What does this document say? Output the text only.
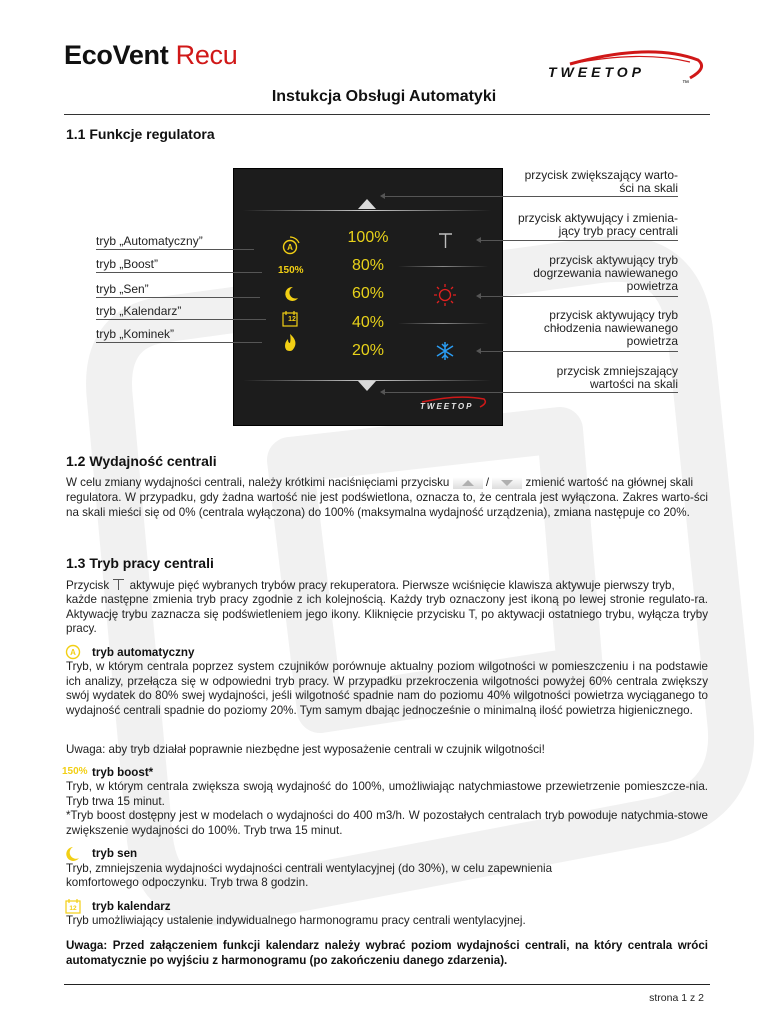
EcoVent Recu
TWEETOP
™
Instukcja Obsługi Automatyki
1.1 Funkcje regulatora
A
150%
12
100%
80%
60%
40%
20%
TWEETOP
tryb „Automatyczny”
tryb „Boost”
tryb „Sen”
tryb „Kalendarz”
tryb „Kominek”
przycisk zwiększający warto-
ści na skali
przycisk aktywujący i zmienia-
jący tryb pracy centrali
przycisk aktywujący tryb
dogrzewania nawiewanego
powietrza
przycisk aktywujący tryb
chłodzenia nawiewanego
powietrza
przycisk zmniejszający
wartości na skali
1.2 Wydajność centrali
W celu zmiany wydajności centrali, należy krótkimi naciśnięciami przycisku	/	zmienić wartość na głównej skali
regulatora. W przypadku, gdy żadna wartość nie jest podświetlona, oznacza to, że centrala jest wyłączona. Zakres warto-ści na skali mieści się od 0% (centrala wyłączona) do 100% (maksymalna wydajność urządzenia), zmiana następuje co 20%.
1.3 Tryb pracy centrali
Przycisk aktywuje pięć wybranych trybów pracy rekuperatora. Pierwsze wciśnięcie klawisza aktywuje pierwszy tryb,
każde następne zmienia tryb pracy zgodnie z ich kolejnością. Każdy tryb oznaczony jest ikoną po lewej stronie regulato-ra. Aktywację trybu zaznacza się podświetleniem jego ikony. Kliknięcie przycisku T, po aktywacji ostatniego trybu, wyłącza tryby pracy.
A tryb automatyczny
Tryb, w którym centrala poprzez system czujników porównuje aktualny poziom wilgotności w pomieszczeniu i na podstawie ich analizy, przełącza się w odpowiedni tryb pracy. W przypadku przekroczenia wilgotności powyżej 60% centrala zwiększy swój wydatek do 80% swej wydajności, jeśli wilgotność spadnie nam do poziomu 40% wilgotności powietrza wyciąganego to wydajność centrali spadnie do poziomy 20%. Tym samym dbając jednocześnie o minimalną ilość powietrza higienicznego.
Uwaga: aby tryb działał poprawnie niezbędne jest wyposażenie centrali w czujnik wilgotności!
150% tryb boost*
Tryb, w którym centrala zwiększa swoją wydajność do 100%, umożliwiając natychmiastowe przewietrzenie pomieszcze-nia. Tryb trwa 15 minut.
*Tryb boost dostępny jest w modelach o wydajności do 400 m3/h. W pozostałych centralach tryb powoduje natychmia-stowe zwiększenie wydajności do 100%. Tryb trwa 15 minut.
tryb sen
Tryb, zmniejszenia wydajności wydajności centrali wentylacyjnej (do 30%), w celu zapewnienia
komfortowego odpoczynku. Tryb trwa 8 godzin.
12 tryb kalendarz
Tryb umożliwiający ustalenie indywidualnego harmonogramu pracy centrali wentylacyjnej.
Uwaga: Przed załączeniem funkcji kalendarz należy wybrać poziom wydajności centrali, na który centrala wróci automatycznie po wyjściu z harmonogramu (po zakończeniu danego zdarzenia).
strona 1 z 2
